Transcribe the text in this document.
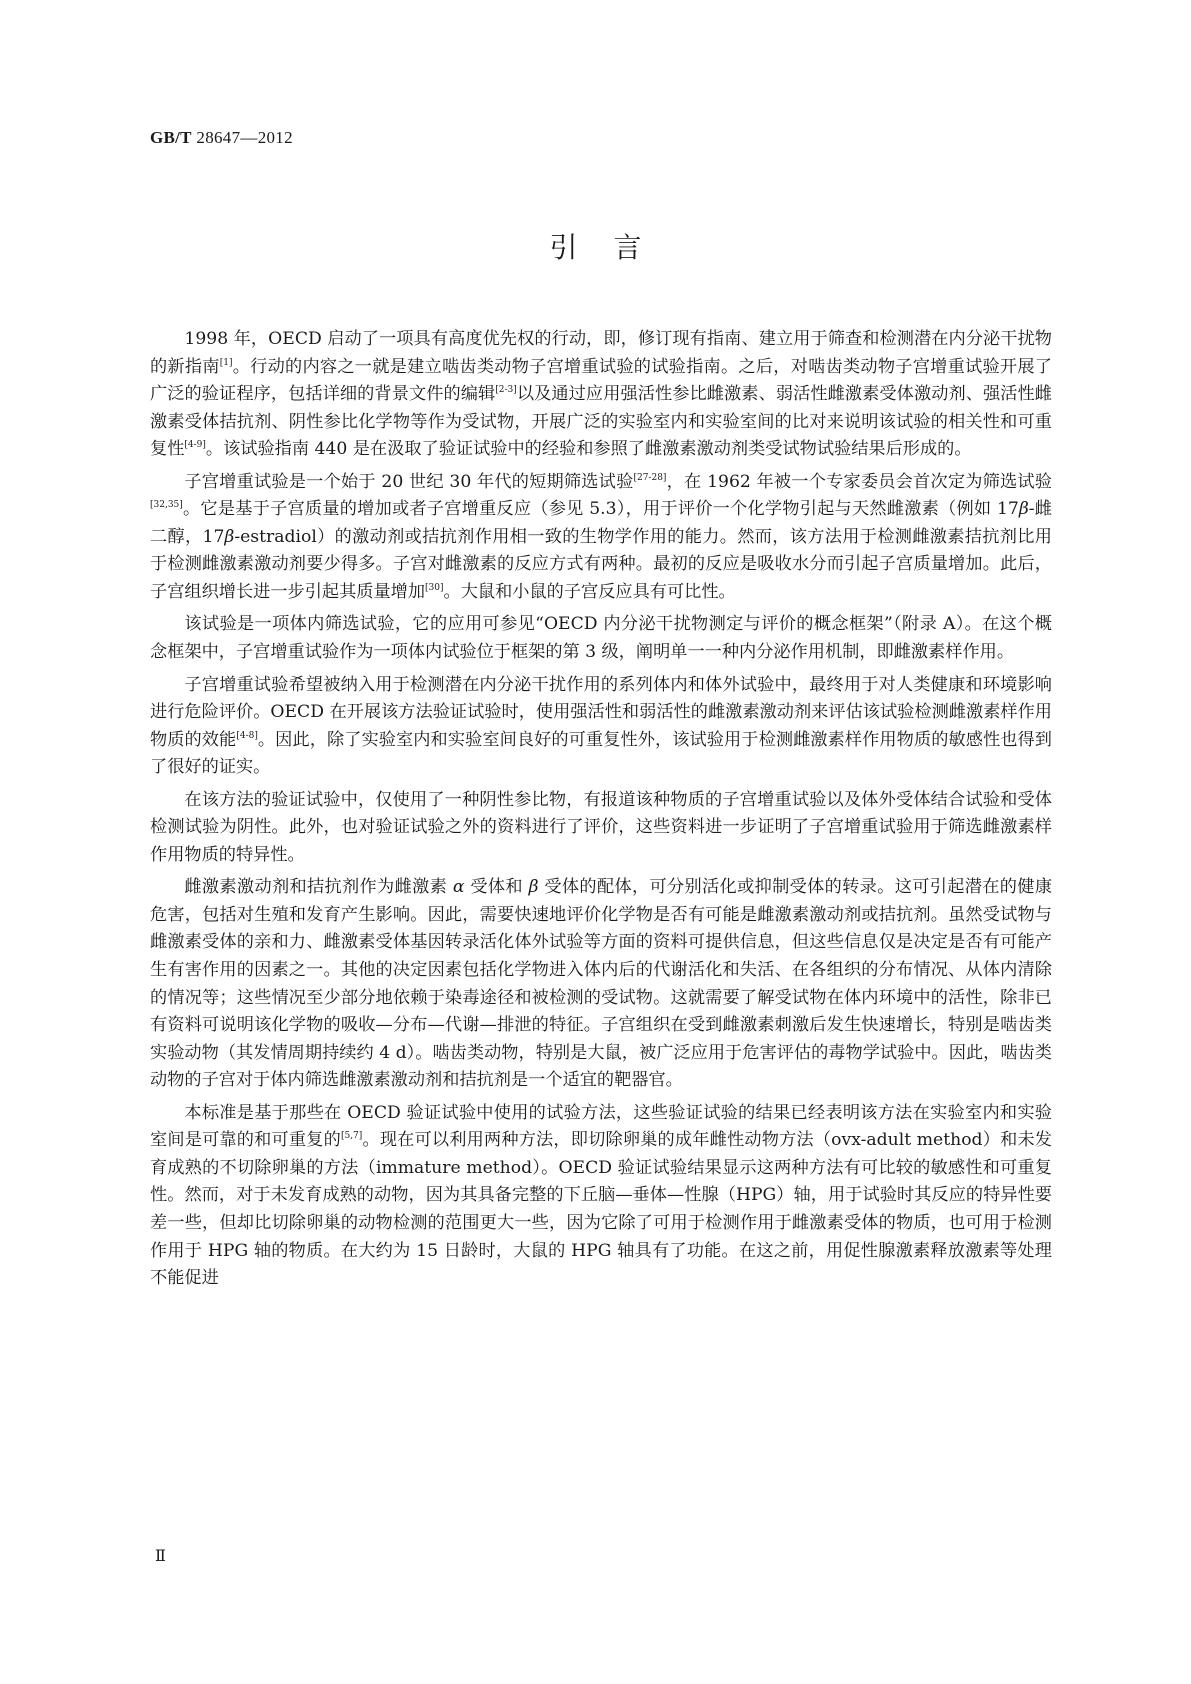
GB/T 28647—2012
引言

1998 年，OECD 启动了一项具有高度优先权的行动，即，修订现有指南、建立用于筛查和检测潜在内分泌干扰物的新指南[1]。行动的内容之一就是建立啮齿类动物子宫增重试验的试验指南。之后，对啮齿类动物子宫增重试验开展了广泛的验证程序，包括详细的背景文件的编辑[2-3]以及通过应用强活性参比雌激素、弱活性雌激素受体激动剂、强活性雌激素受体拮抗剂、阴性参比化学物等作为受试物，开展广泛的实验室内和实验室间的比对来说明该试验的相关性和可重复性[4-9]。该试验指南 440 是在汲取了验证试验中的经验和参照了雌激素激动剂类受试物试验结果后形成的。

子宫增重试验是一个始于 20 世纪 30 年代的短期筛选试验[27-28]，在 1962 年被一个专家委员会首次定为筛选试验[32,35]。它是基于子宫质量的增加或者子宫增重反应（参见 5.3），用于评价一个化学物引起与天然雌激素（例如 17β-雌二醇，17β-estradiol）的激动剂或拮抗剂作用相一致的生物学作用的能力。然而，该方法用于检测雌激素拮抗剂比用于检测雌激素激动剂要少得多。子宫对雌激素的反应方式有两种。最初的反应是吸收水分而引起子宫质量增加。此后，子宫组织增长进一步引起其质量增加[30]。大鼠和小鼠的子宫反应具有可比性。

该试验是一项体内筛选试验，它的应用可参见“OECD 内分泌干扰物测定与评价的概念框架”（附录 A）。在这个概念框架中，子宫增重试验作为一项体内试验位于框架的第 3 级，阐明单一一种内分泌作用机制，即雌激素样作用。

子宫增重试验希望被纳入用于检测潜在内分泌干扰作用的系列体内和体外试验中，最终用于对人类健康和环境影响进行危险评价。OECD 在开展该方法验证试验时，使用强活性和弱活性的雌激素激动剂来评估该试验检测雌激素样作用物质的效能[4-8]。因此，除了实验室内和实验室间良好的可重复性外，该试验用于检测雌激素样作用物质的敏感性也得到了很好的证实。

在该方法的验证试验中，仅使用了一种阴性参比物，有报道该种物质的子宫增重试验以及体外受体结合试验和受体检测试验为阴性。此外，也对验证试验之外的资料进行了评价，这些资料进一步证明了子宫增重试验用于筛选雌激素样作用物质的特异性。

雌激素激动剂和拮抗剂作为雌激素 α 受体和 β 受体的配体，可分别活化或抑制受体的转录。这可引起潜在的健康危害，包括对生殖和发育产生影响。因此，需要快速地评价化学物是否有可能是雌激素激动剂或拮抗剂。虽然受试物与雌激素受体的亲和力、雌激素受体基因转录活化体外试验等方面的资料可提供信息，但这些信息仅是决定是否有可能产生有害作用的因素之一。其他的决定因素包括化学物进入体内后的代谢活化和失活、在各组织的分布情况、从体内清除的情况等；这些情况至少部分地依赖于染毒途径和被检测的受试物。这就需要了解受试物在体内环境中的活性，除非已有资料可说明该化学物的吸收—分布—代谢—排泄的特征。子宫组织在受到雌激素刺激后发生快速增长，特别是啮齿类实验动物（其发情周期持续约 4 d）。啮齿类动物，特别是大鼠，被广泛应用于危害评估的毒物学试验中。因此，啮齿类动物的子宫对于体内筛选雌激素激动剂和拮抗剂是一个适宜的靶器官。

本标准是基于那些在 OECD 验证试验中使用的试验方法，这些验证试验的结果已经表明该方法在实验室内和实验室间是可靠的和可重复的[5,7]。现在可以利用两种方法，即切除卵巢的成年雌性动物方法（ovx-adult method）和未发育成熟的不切除卵巢的方法（immature method）。OECD 验证试验结果显示这两种方法有可比较的敏感性和可重复性。然而，对于未发育成熟的动物，因为其具备完整的下丘脑—垂体—性腺（HPG）轴，用于试验时其反应的特异性要差一些，但却比切除卵巢的动物检测的范围更大一些，因为它除了可用于检测作用于雌激素受体的物质，也可用于检测作用于 HPG 轴的物质。在大约为 15 日龄时，大鼠的 HPG 轴具有了功能。在这之前，用促性腺激素释放激素等处理不能促进

Ⅱ
